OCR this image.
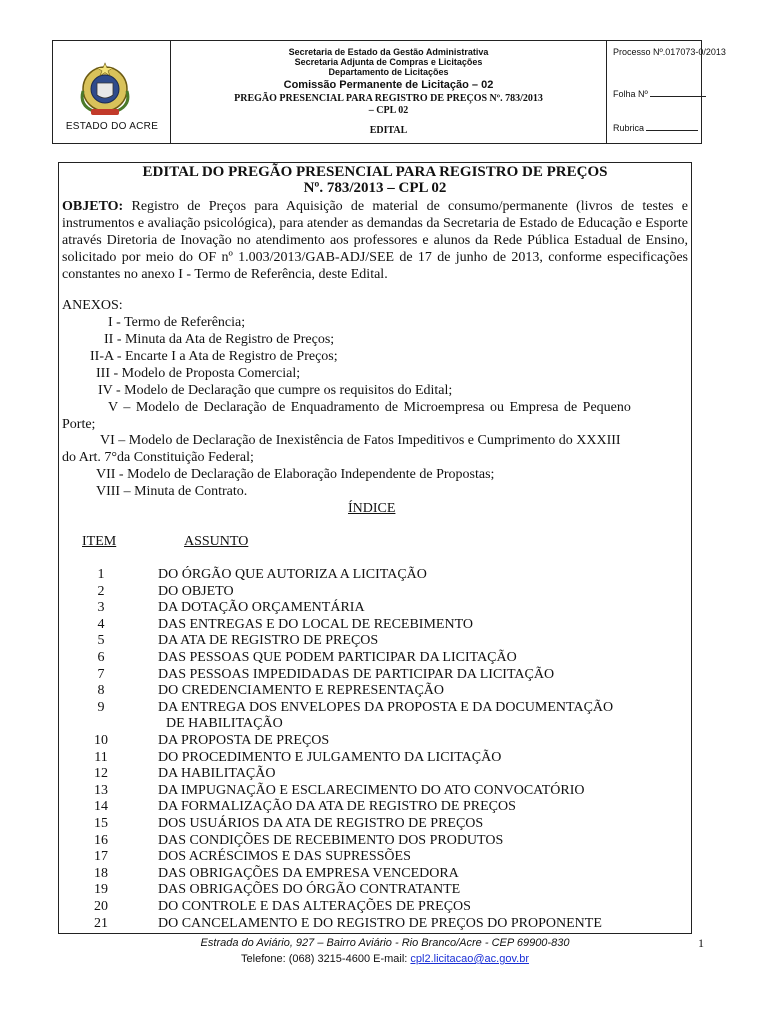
ESTADO DO ACRE
Secretaria de Estado da Gestão Administrativa
Secretaria Adjunta de Compras e Licitações
Departamento de Licitações
Comissão Permanente de Licitação – 02
PREGÃO PRESENCIAL PARA REGISTRO DE PREÇOS Nº. 783/2013
– CPL 02
EDITAL
Processo Nº.017073-0/2013
Folha Nº
Rubrica
EDITAL DO PREGÃO PRESENCIAL PARA REGISTRO DE PREÇOS
Nº. 783/2013 – CPL 02
OBJETO: Registro de Preços para Aquisição de material de consumo/permanente (livros de testes e instrumentos e avaliação psicológica), para atender as demandas da Secretaria de Estado de Educação e Esporte através Diretoria de Inovação no atendimento aos professores e alunos da Rede Pública Estadual de Ensino, solicitado por meio do OF nº 1.003/2013/GAB-ADJ/SEE de 17 de junho de 2013, conforme especificações constantes no anexo I - Termo de Referência, deste Edital.
ANEXOS:
I - Termo de Referência;
II - Minuta da Ata de Registro de Preços;
II-A - Encarte I a Ata de Registro de Preços;
III - Modelo de Proposta Comercial;
IV - Modelo de Declaração que cumpre os requisitos do Edital;
V – Modelo de Declaração de Enquadramento de Microempresa ou Empresa de Pequeno
Porte;
VI – Modelo de Declaração de Inexistência de Fatos Impeditivos e Cumprimento do XXXIII
do Art. 7°da Constituição Federal;
VII - Modelo de Declaração de Elaboração Independente de Propostas;
VIII – Minuta de Contrato.
ÍNDICE
ITEM	ASSUNTO
1	DO ÓRGÃO QUE AUTORIZA A LICITAÇÃO
2	DO OBJETO
3	DA DOTAÇÃO ORÇAMENTÁRIA
4	DAS ENTREGAS E DO LOCAL DE RECEBIMENTO
5	DA ATA DE REGISTRO DE PREÇOS
6	DAS PESSOAS QUE PODEM PARTICIPAR DA LICITAÇÃO
7	DAS PESSOAS IMPEDIDADAS DE PARTICIPAR DA LICITAÇÃO
8	DO CREDENCIAMENTO E REPRESENTAÇÃO
9	DA ENTREGA DOS ENVELOPES DA PROPOSTA E DA DOCUMENTAÇÃO
DE HABILITAÇÃO
10	DA PROPOSTA DE PREÇOS
11	DO PROCEDIMENTO E JULGAMENTO DA LICITAÇÃO
12	DA HABILITAÇÃO
13	DA IMPUGNAÇÃO E ESCLARECIMENTO DO ATO CONVOCATÓRIO
14	DA FORMALIZAÇÃO DA ATA DE REGISTRO DE PREÇOS
15	DOS USUÁRIOS DA ATA DE REGISTRO DE PREÇOS
16	DAS CONDIÇÕES DE RECEBIMENTO DOS PRODUTOS
17	DOS ACRÉSCIMOS E DAS SUPRESSÕES
18	DAS OBRIGAÇÕES DA EMPRESA VENCEDORA
19	DAS OBRIGAÇÕES DO ÓRGÃO CONTRATANTE
20	DO CONTROLE E DAS ALTERAÇÕES DE PREÇOS
21	DO CANCELAMENTO E DO REGISTRO DE PREÇOS DO PROPONENTE
Estrada do Aviário, 927 – Bairro Aviário - Rio Branco/Acre - CEP 69900-830
Telefone: (068) 3215-4600 E-mail: cpl2.licitacao@ac.gov.br
1
